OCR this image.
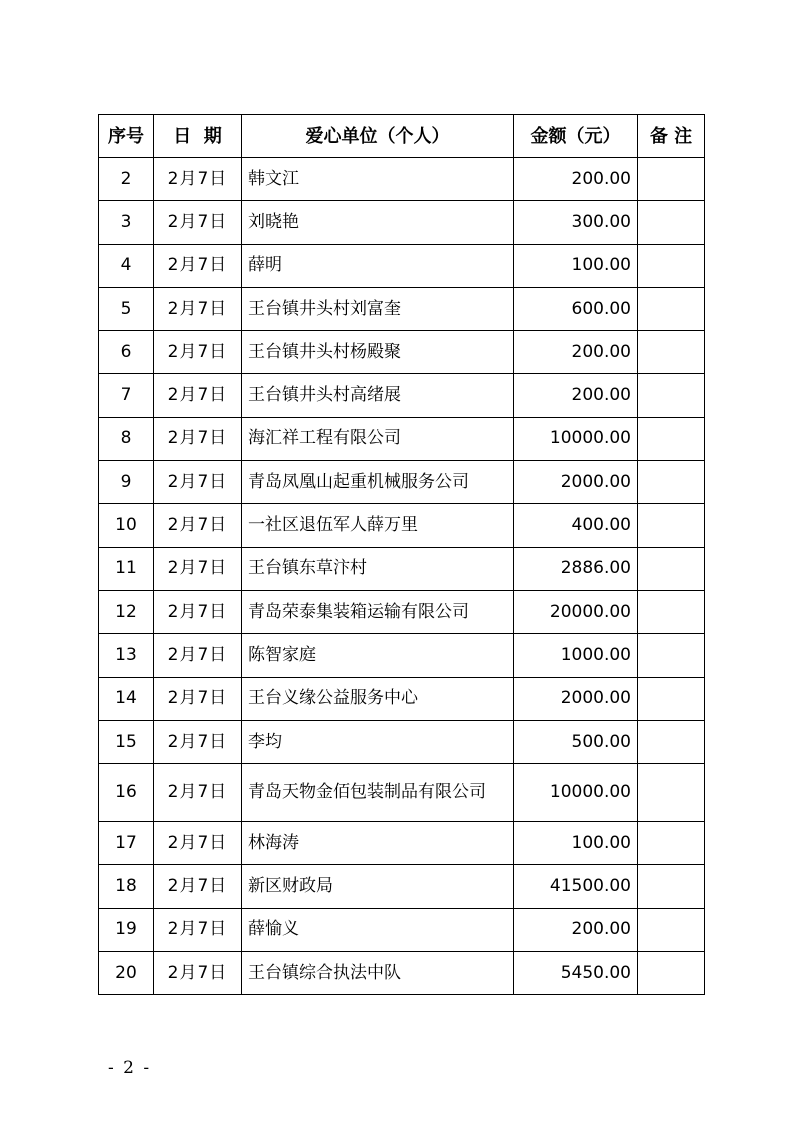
序号	日  期	爱心单位（个人）	金额（元）	备 注
2	2月7日	韩文江	200.00	
3	2月7日	刘晓艳	300.00	
4	2月7日	薛明	100.00	
5	2月7日	王台镇井头村刘富奎	600.00	
6	2月7日	王台镇井头村杨殿聚	200.00	
7	2月7日	王台镇井头村高绪展	200.00	
8	2月7日	海汇祥工程有限公司	10000.00	
9	2月7日	青岛凤凰山起重机械服务公司	2000.00	
10	2月7日	一社区退伍军人薛万里	400.00	
11	2月7日	王台镇东草汴村	2886.00	
12	2月7日	青岛荣泰集装箱运输有限公司	20000.00	
13	2月7日	陈智家庭	1000.00	
14	2月7日	王台义缘公益服务中心	2000.00	
15	2月7日	李均	500.00	
16	2月7日	青岛天物金佰包装制品有限公司	10000.00	
17	2月7日	林海涛	100.00	
18	2月7日	新区财政局	41500.00	
19	2月7日	薛愉义	200.00	
20	2月7日	王台镇综合执法中队	5450.00	
- 2 -
